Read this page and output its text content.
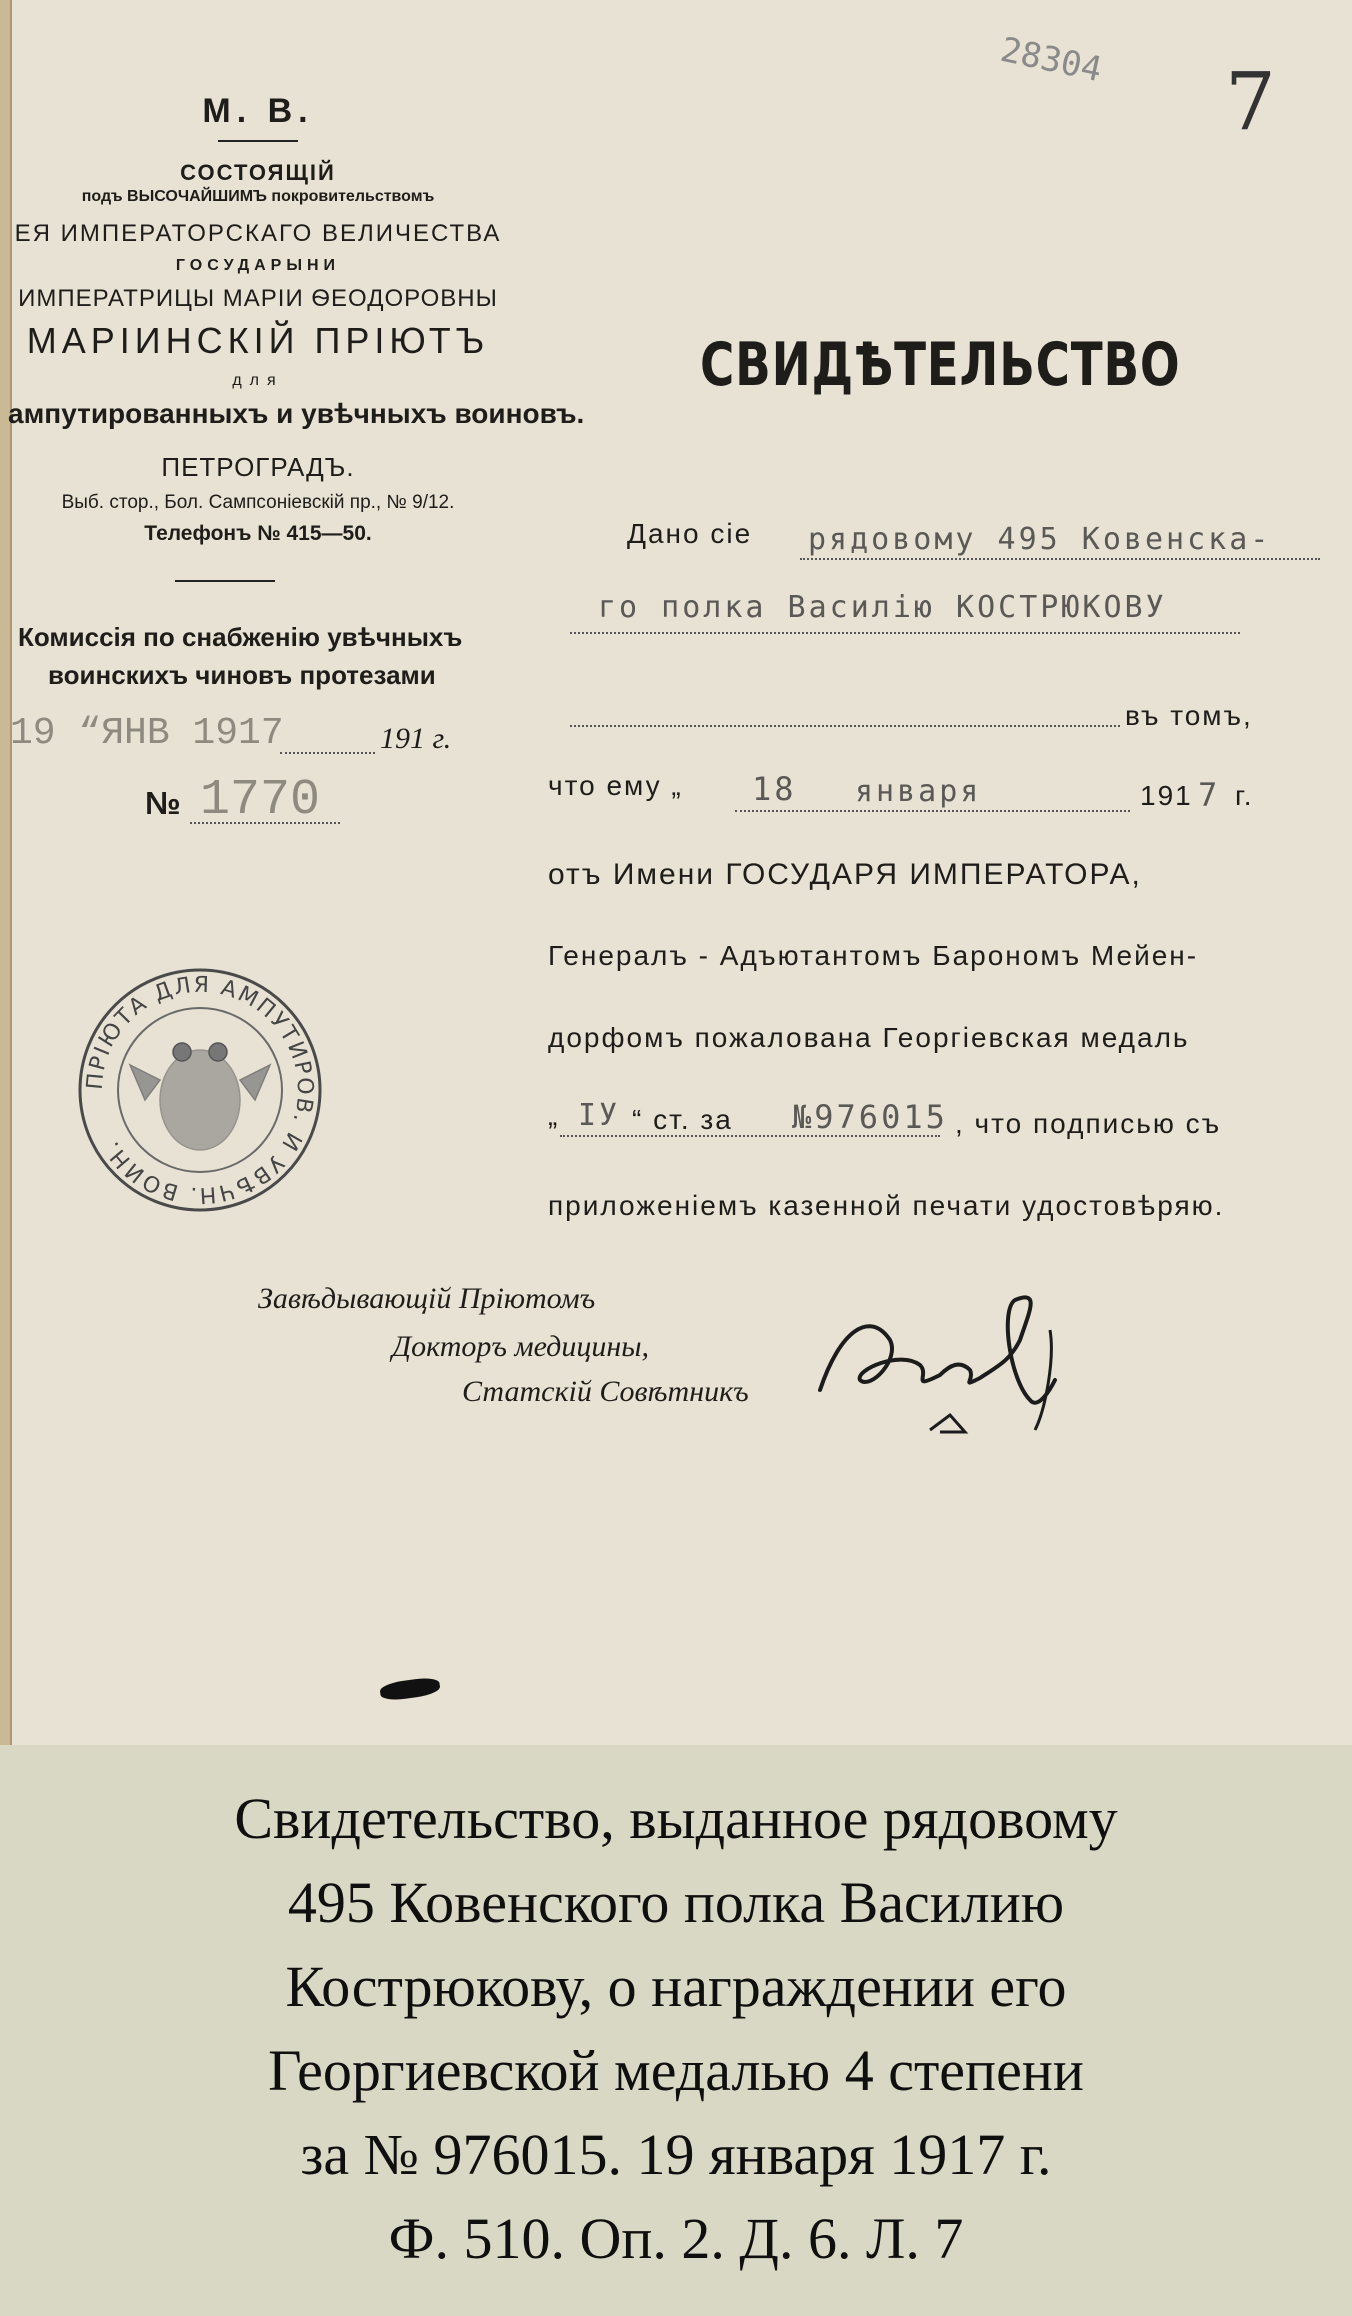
28304 7
М. В.
СОСТОЯЩІЙ
подъ ВЫСОЧАЙШИМЪ покровительствомъ
ЕЯ ИМПЕРАТОРСКАГО ВЕЛИЧЕСТВА
ГОСУДАРЫНИ
ИМПЕРАТРИЦЫ МАРІИ ѲЕОДОРОВНЫ
МАРІИНСКІЙ ПРІЮТЪ
для
ампутированныхъ и увѣчныхъ воиновъ.
ПЕТРОГРАДЪ.
Выб. стор., Бол. Сампсоніевскій пр., № 9/12.
Телефонъ № 415—50.
Комиссія по снабженію увѣчныхъ
воинскихъ чиновъ протезами
19 “ЯНВ 1917	191 г.
№ 1770
ПРІЮТА ДЛЯ АМПУТИРОВ. И УВѢЧН. ВОИН.
СВИДѢТЕЛЬСТВО
Дано сіе рядовому 495 Ковенска-
го полка Василію КОСТРЮКОВУ
въ томъ,
что ему „ 18 января	191 7 г.
отъ Имени ГОСУДАРЯ ИМПЕРАТОРА,
Генералъ - Адъютантомъ Барономъ Мейен-
дорфомъ пожалована Георгіевская медаль
„ IУ “ ст. за №976015 , что подписью съ
приложеніемъ казенной печати удостовѣряю.
Завѣдывающій Пріютомъ
Докторъ медицины,
Статскій Совѣтникъ
Свидетельство, выданное рядовому
495 Ковенского полка Василию
Кострюкову, о награждении его
Георгиевской медалью 4 степени
за № 976015. 19 января 1917 г.
Ф. 510. Оп. 2. Д. 6. Л. 7
